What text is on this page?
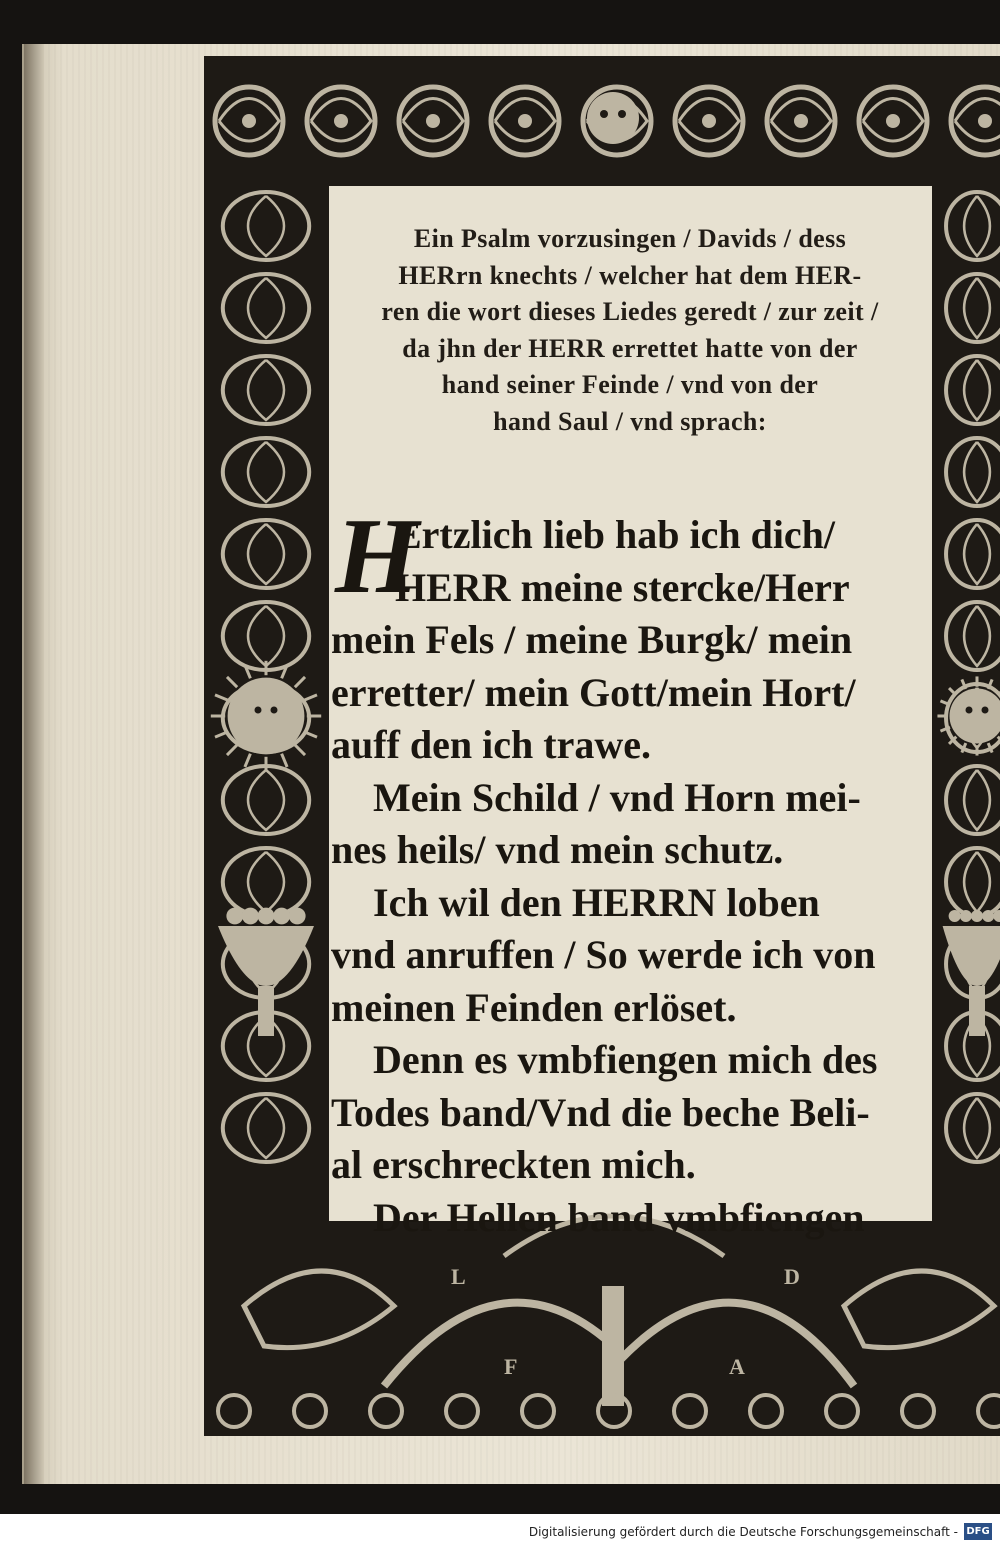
L	D
F	A
Ein Psalm vorzusingen / Davids / dess
HERrn knechts / welcher hat dem HER-
ren die wort dieses Liedes geredt / zur zeit /
da jhn der HERR errettet hatte von der
hand seiner Feinde / vnd von der
hand Saul / vnd sprach:
H
Ertzlich lieb hab ich dich/
HERR meine stercke/Herr
mein Fels / meine Burgk/ mein
erretter/ mein Gott/mein Hort/
auff den ich trawe.
Mein Schild / vnd Horn mei-
nes heils/ vnd mein schutz.
Ich wil den HERRN loben
vnd anruffen / So werde ich von
meinen Feinden erlöset.
Denn es vmbfiengen mich des
Todes band/Vnd die beche Beli-
al erschreckten mich.
Der Hellen band vmbfiengen
Digitalisierung gefördert durch die Deutsche Forschungsgemeinschaft - DFG
